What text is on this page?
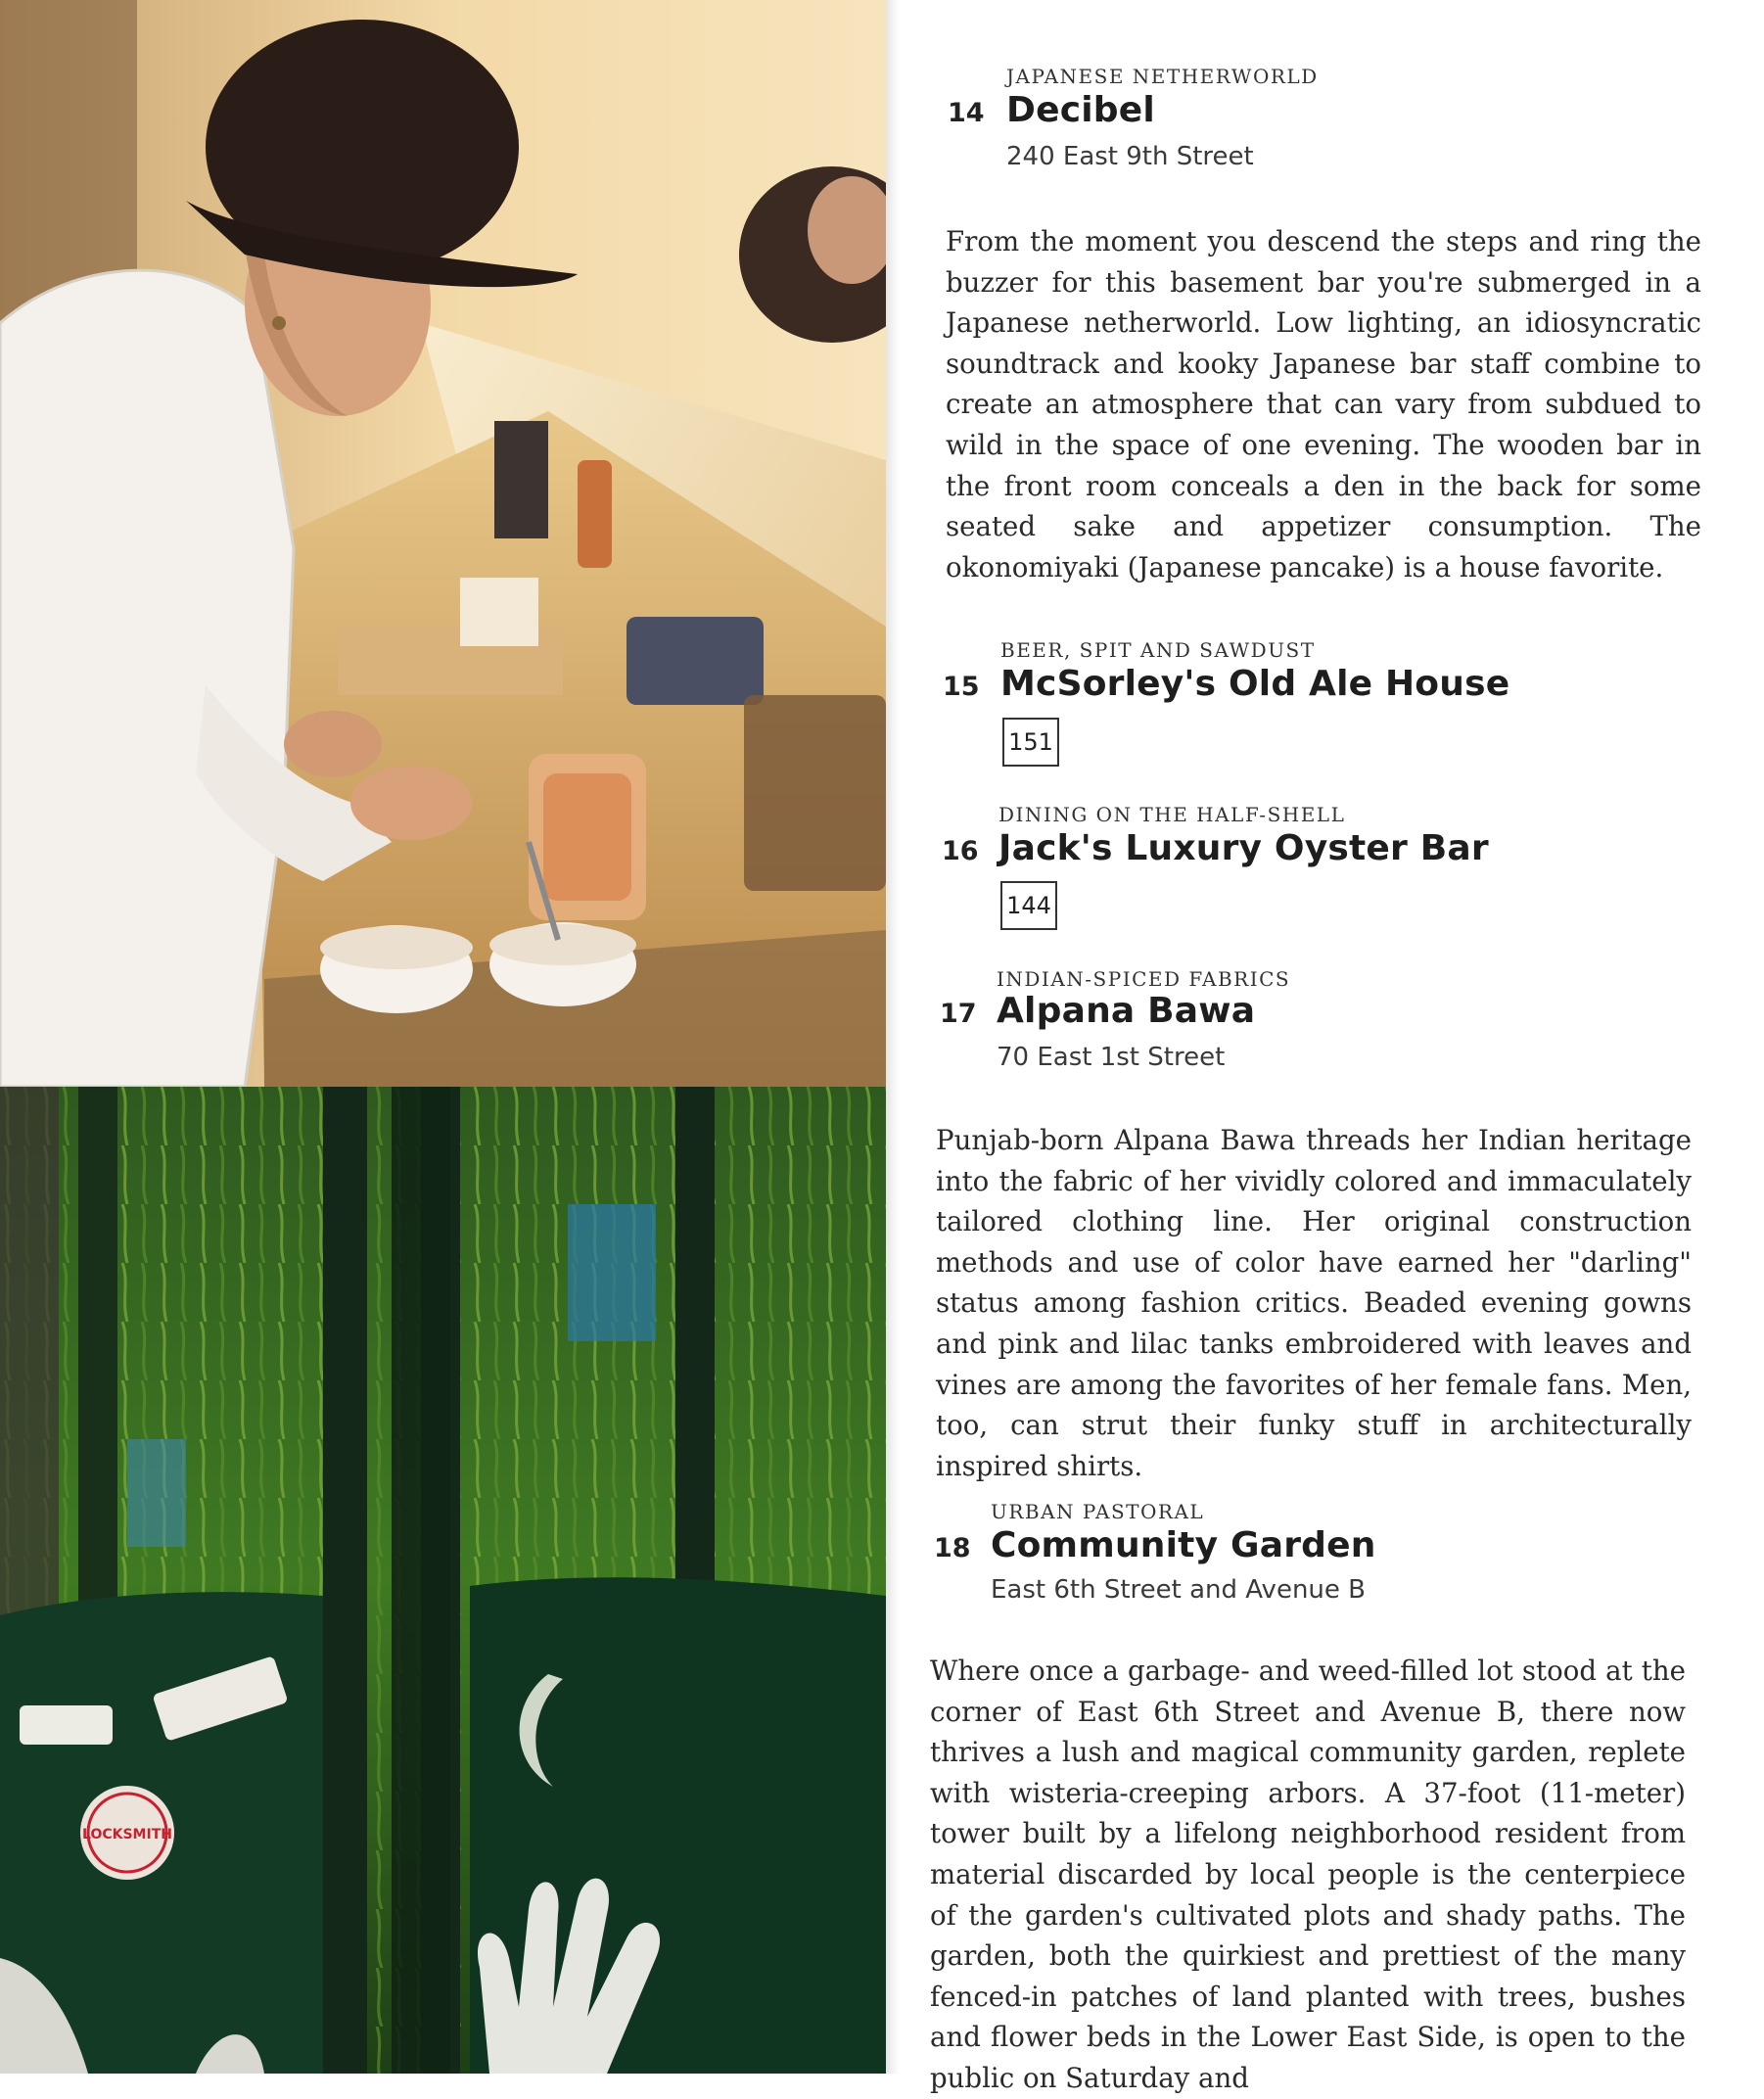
LOCKSMITH
JAPANESE NETHERWORLD
14 Decibel
240 East 9th Street

From the moment you descend the steps and ring the buzzer for this basement bar you're submerged in a Japanese netherworld. Low lighting, an idiosyncratic soundtrack and kooky Japanese bar staff combine to create an atmosphere that can vary from subdued to wild in the space of one evening. The wooden bar in the front room conceals a den in the back for some seated sake and appetizer consumption. The okonomiyaki (Japanese pancake) is a house favorite.

BEER, SPIT AND SAWDUST
15 McSorley's Old Ale House
151
DINING ON THE HALF-SHELL
16 Jack's Luxury Oyster Bar
144
INDIAN-SPICED FABRICS
17 Alpana Bawa
70 East 1st Street

Punjab-born Alpana Bawa threads her Indian heritage into the fabric of her vividly colored and immaculately tailored clothing line. Her original construction methods and use of color have earned her "darling" status among fashion critics. Beaded evening gowns and pink and lilac tanks embroidered with leaves and vines are among the favorites of her female fans. Men, too, can strut their funky stuff in architecturally inspired shirts.

URBAN PASTORAL
18 Community Garden
East 6th Street and Avenue B

Where once a garbage- and weed-filled lot stood at the corner of East 6th Street and Avenue B, there now thrives a lush and magical community garden, replete with wisteria-creeping arbors. A 37-foot (11-meter) tower built by a lifelong neighborhood resident from material discarded by local people is the centerpiece of the garden's cultivated plots and shady paths. The garden, both the quirkiest and prettiest of the many fenced-in patches of land planted with trees, bushes and flower beds in the Lower East Side, is open to the public on Saturday and
